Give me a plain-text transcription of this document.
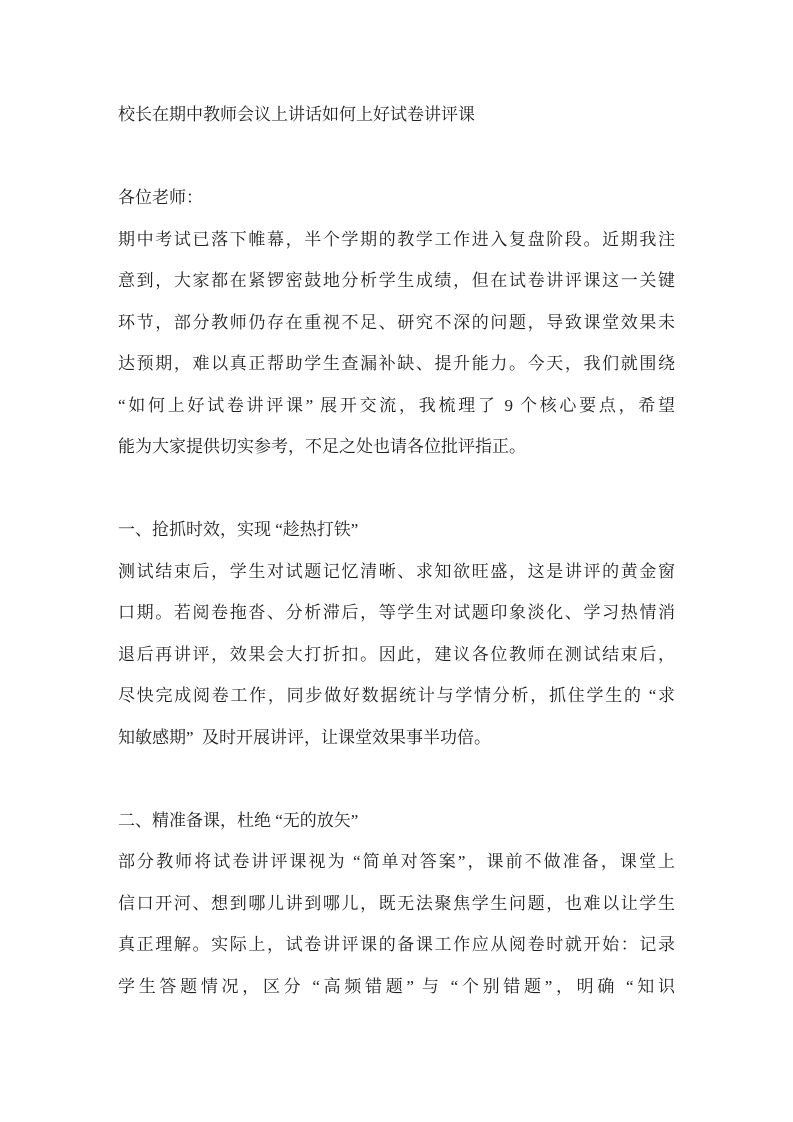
校长在期中教师会议上讲话如何上好试卷讲评课

各位老师：

期中考试已落下帷幕，半个学期的教学工作进入复盘阶段。近期我注

意到，大家都在紧锣密鼓地分析学生成绩，但在试卷讲评课这一关键

环节，部分教师仍存在重视不足、研究不深的问题，导致课堂效果未

达预期，难以真正帮助学生查漏补缺、提升能力。今天，我们就围绕

“如何上好试卷讲评课” 展开交流，我梳理了 9 个核心要点，希望

能为大家提供切实参考，不足之处也请各位批评指正。

一、抢抓时效，实现 “趁热打铁”

测试结束后，学生对试题记忆清晰、求知欲旺盛，这是讲评的黄金窗

口期。若阅卷拖沓、分析滞后，等学生对试题印象淡化、学习热情消

退后再讲评，效果会大打折扣。因此，建议各位教师在测试结束后，

尽快完成阅卷工作，同步做好数据统计与学情分析，抓住学生的 “求

知敏感期”  及时开展讲评，让课堂效果事半功倍。

二、精准备课，杜绝 “无的放矢”

部分教师将试卷讲评课视为 “简单对答案”，课前不做准备，课堂上

信口开河、想到哪儿讲到哪儿，既无法聚焦学生问题，也难以让学生

真正理解。实际上，试卷讲评课的备课工作应从阅卷时就开始：记录

学生答题情况，区分 “高频错题” 与 “个别错题”，明确 “知识
